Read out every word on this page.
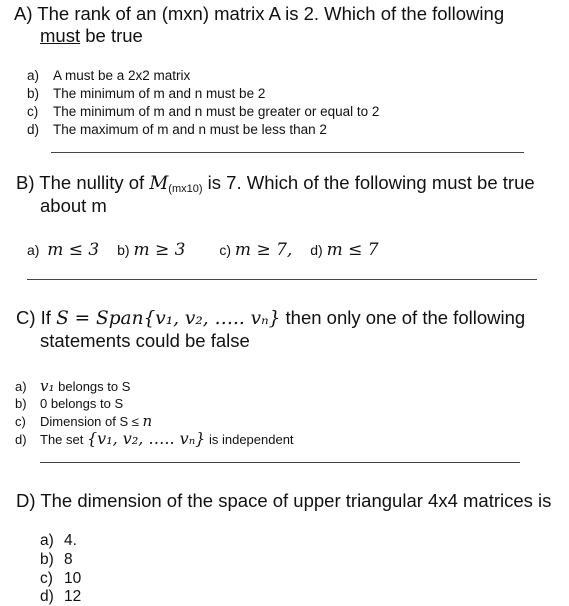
A) The rank of an (mxn) matrix A is 2. Which of the following
must be true
a) A must be a 2x2 matrix
b) The minimum of m and n must be 2
c) The minimum of m and n must be greater or equal to 2
d) The maximum of m and n must be less than 2
B) The nullity of M(mx10) is 7. Which of the following must be true
about m
a) m ≤ 3 b) m ≥ 3 c) m ≥ 7, d) m ≤ 7
C) If S = Span{v₁, v₂, ….. vₙ} then only one of the following
statements could be false
a) v₁ belongs to S
b) 0 belongs to S
c) Dimension of S ≤ n
d) The set {v₁, v₂, ….. vₙ} is independent
D) The dimension of the space of upper triangular 4x4 matrices is
a) 4.
b) 8
c) 10
d) 12
